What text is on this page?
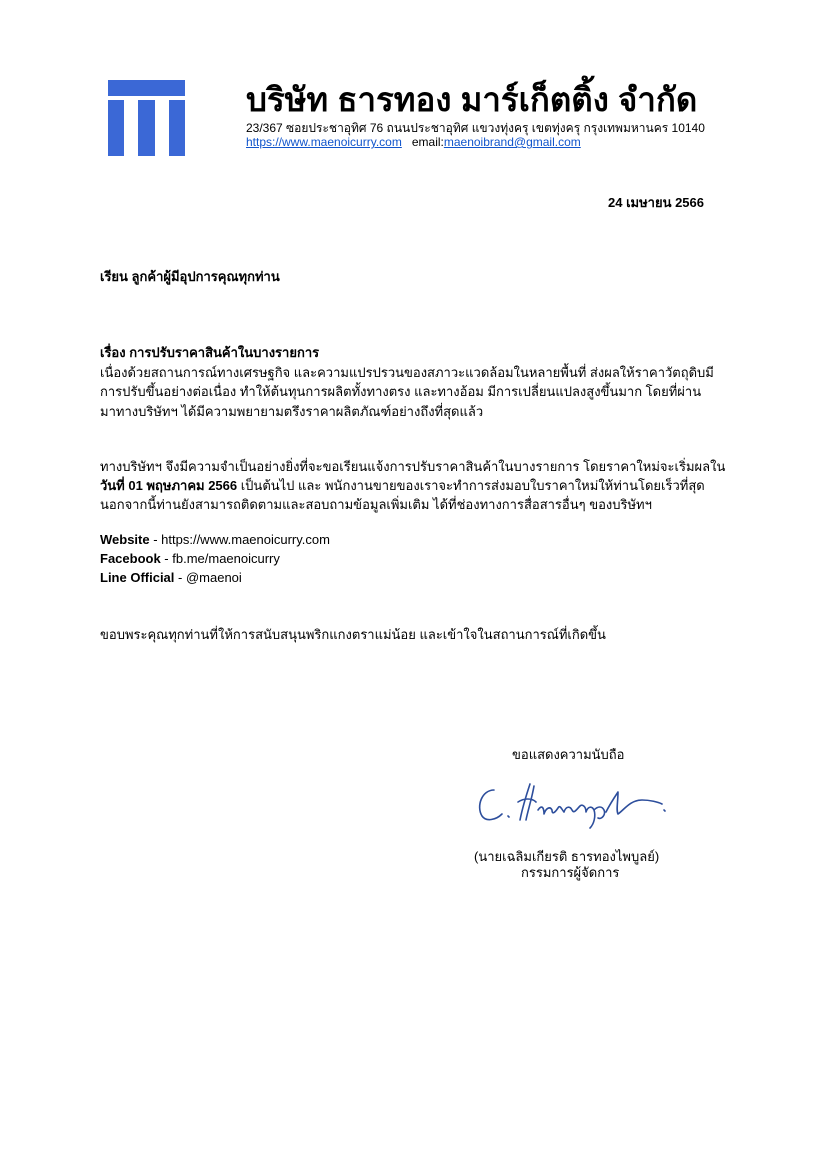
บริษัท ธารทอง มาร์เก็ตติ้ง จำกัด
23/367 ซอยประชาอุทิศ 76 ถนนประชาอุทิศ แขวงทุ่งครุ เขตทุ่งครุ กรุงเทพมหานคร 10140
https://www.maenoicurry.com email:maenoibrand@gmail.com
24 เมษายน 2566
เรียน ลูกค้าผู้มีอุปการคุณทุกท่าน
เรื่อง การปรับราคาสินค้าในบางรายการ
เนื่องด้วยสถานการณ์ทางเศรษฐกิจ และความแปรปรวนของสภาวะแวดล้อมในหลายพื้นที่ ส่งผลให้ราคาวัตถุดิบมี
การปรับขึ้นอย่างต่อเนื่อง ทำให้ต้นทุนการผลิตทั้งทางตรง และทางอ้อม มีการเปลี่ยนแปลงสูงขึ้นมาก โดยที่ผ่าน
มาทางบริษัทฯ ได้มีความพยายามตรึงราคาผลิตภัณฑ์อย่างถึงที่สุดแล้ว
ทางบริษัทฯ จึงมีความจำเป็นอย่างยิ่งที่จะขอเรียนแจ้งการปรับราคาสินค้าในบางรายการ โดยราคาใหม่จะเริ่มผลใน
วันที่ 01 พฤษภาคม 2566 เป็นต้นไป และ พนักงานขายของเราจะทำการส่งมอบใบราคาใหม่ให้ท่านโดยเร็วที่สุด
นอกจากนี้ท่านยังสามารถติดตามและสอบถามข้อมูลเพิ่มเติม ได้ที่ช่องทางการสื่อสารอื่นๆ ของบริษัทฯ
Website - https://www.maenoicurry.com
Facebook - fb.me/maenoicurry
Line Official - @maenoi
ขอบพระคุณทุกท่านที่ให้การสนับสนุนพริกแกงตราแม่น้อย และเข้าใจในสถานการณ์ที่เกิดขึ้น
ขอแสดงความนับถือ
(นายเฉลิมเกียรติ ธารทองไพบูลย์)
กรรมการผู้จัดการ
